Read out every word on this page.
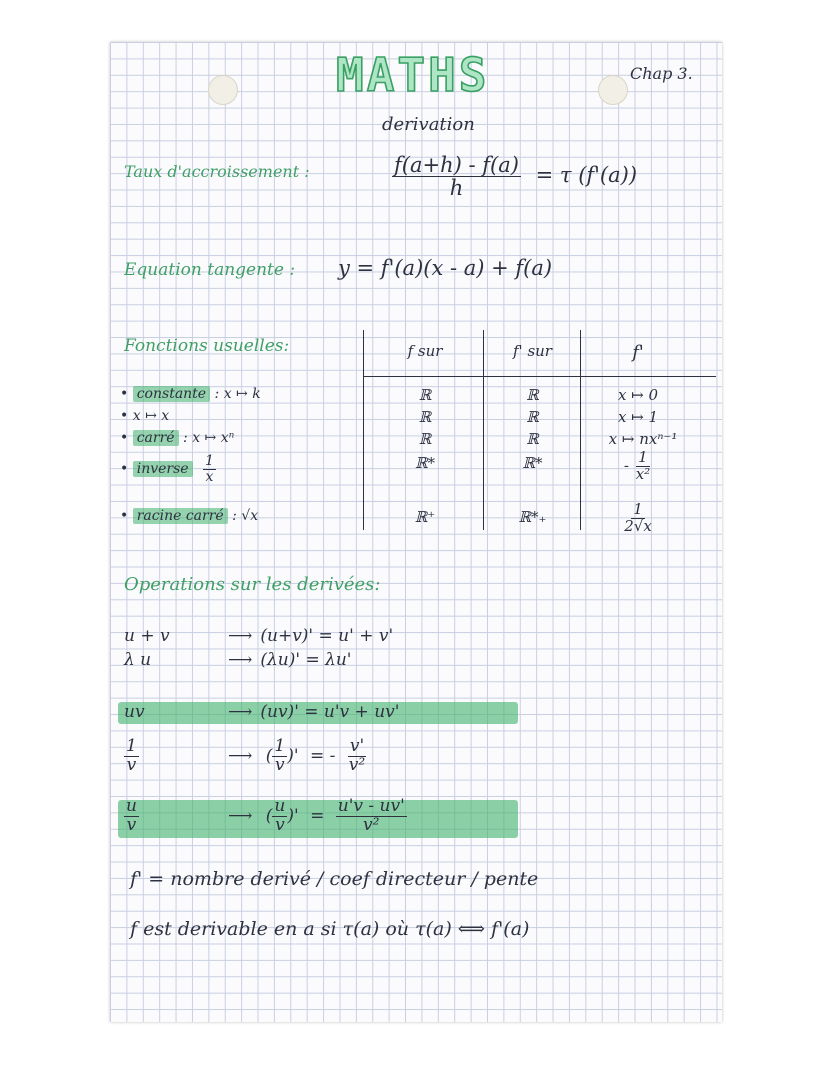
MATHS
derivation
Chap 3.
Taux d'accroissement :	$\frac{f(a+h) - f(a)}{h} = \tau$ (f'(a))
Equation tangente : y = f'(a)(x - a) + f(a)
Fonctions usuelles:	f sur	f' sur	f'
• constante : x ↦ k	ℝ	ℝ	x ↦ 0
• x ↦ x	ℝ	ℝ	x ↦ 1
• carré : x ↦ xⁿ	ℝ	ℝ	x ↦ nxⁿ⁻¹
• inverse $\frac{1}{x}$	ℝ*	ℝ*	- $\frac{1}{\text{x²}}$
• racine carré : √x	ℝ⁺	ℝ*₊	$\frac{1}{2√x}$
Operations sur les derivées:
u + v	⟶ (u+v)' = u' + v'
λ u	⟶ (λu)' = λu'
uv	⟶ (uv)' = u'v + uv'
$\frac{1}{v}$	⟶ ( $\frac{1}{v}$ )' = - $\frac{v'}{\text{v²}}$
$\frac{u}{v}$	⟶ ( $\frac{u}{v}$ )' = $\frac{u'v - uv'}{\text{v²}}$
f' = nombre derivé / coef directeur / pente
f est derivable en a si τ(a) où τ(a) ⟺ f'(a)
